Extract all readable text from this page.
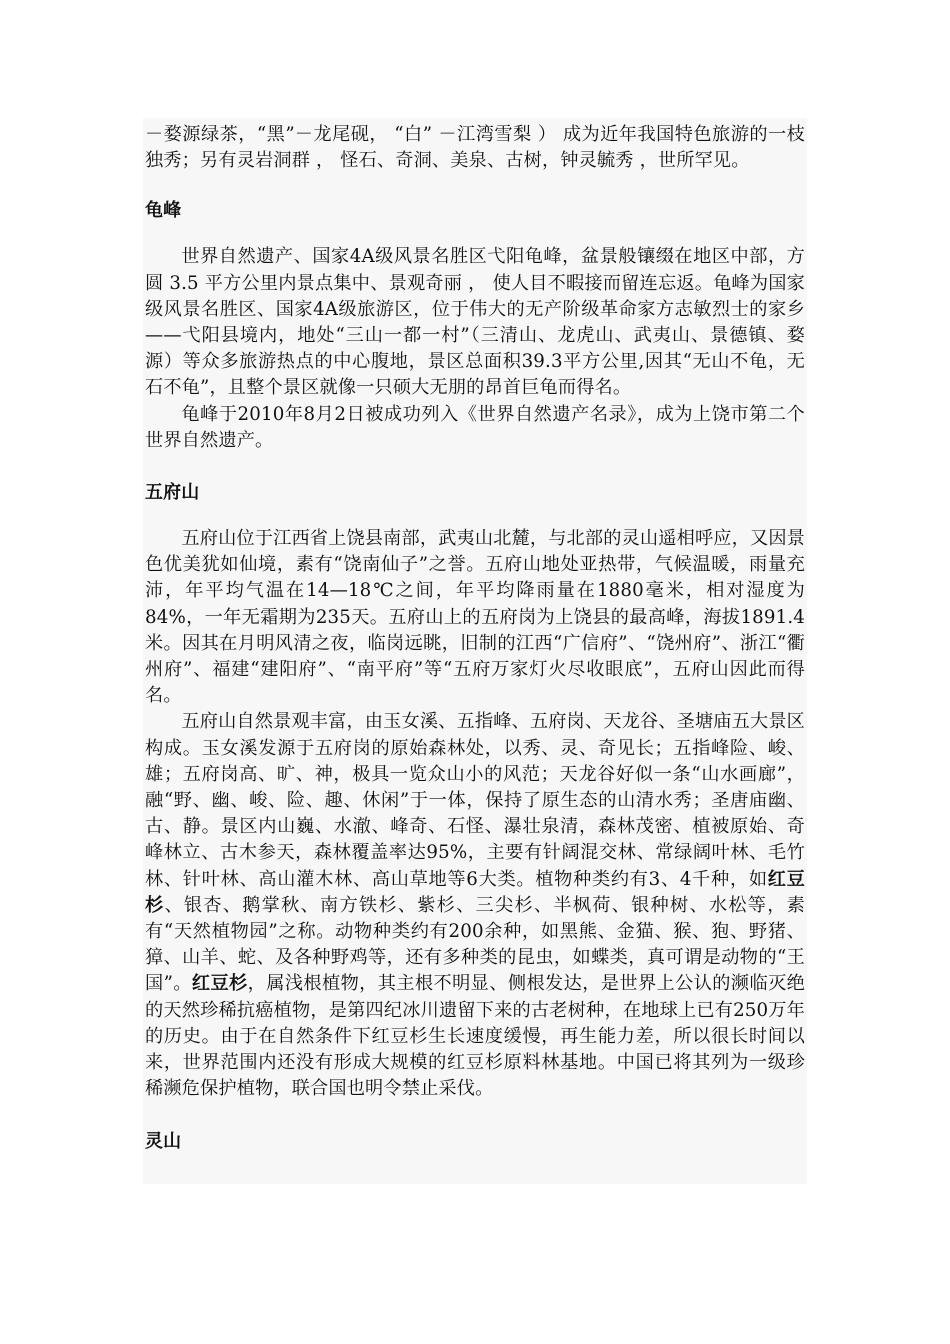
－婺源绿茶，“黑”－龙尾砚， “白” －江湾雪梨 ） 成为近年我国特色旅游的一枝独秀；另有灵岩洞群 ， 怪石、奇洞、美泉、古树，钟灵毓秀 ，世所罕见。

龟峰

世界自然遗产、国家4A级风景名胜区弋阳龟峰，盆景般镶缀在地区中部，方圆 3.5 平方公里内景点集中、景观奇丽 ， 使人目不暇接而留连忘返。龟峰为国家级风景名胜区、国家4A级旅游区，位于伟大的无产阶级革命家方志敏烈士的家乡——弋阳县境内，地处“三山一都一村”（三清山、龙虎山、武夷山、景德镇、婺源）等众多旅游热点的中心腹地，景区总面积39.3平方公里,因其“无山不龟，无石不龟”，且整个景区就像一只硕大无朋的昂首巨龟而得名。

龟峰于2010年8月2日被成功列入《世界自然遗产名录》，成为上饶市第二个世界自然遗产。

五府山

五府山位于江西省上饶县南部，武夷山北麓，与北部的灵山遥相呼应，又因景色优美犹如仙境，素有“饶南仙子”之誉。五府山地处亚热带，气候温暖，雨量充沛，年平均气温在14—18℃之间，年平均降雨量在1880毫米，相对湿度为84%，一年无霜期为235天。五府山上的五府岗为上饶县的最高峰，海拔1891.4米。因其在月明风清之夜，临岗远眺，旧制的江西“广信府”、“饶州府”、浙江“衢州府”、福建“建阳府”、“南平府”等“五府万家灯火尽收眼底”，五府山因此而得名。

五府山自然景观丰富，由玉女溪、五指峰、五府岗、天龙谷、圣塘庙五大景区构成。玉女溪发源于五府岗的原始森林处，以秀、灵、奇见长；五指峰险、峻、雄；五府岗高、旷、神，极具一览众山小的风范；天龙谷好似一条“山水画廊”，融“野、幽、峻、险、趣、休闲”于一体，保持了原生态的山清水秀；圣唐庙幽、古、静。景区内山巍、水澈、峰奇、石怪、瀑壮泉清，森林茂密、植被原始、奇峰林立、古木参天，森林覆盖率达95%，主要有针阔混交林、常绿阔叶林、毛竹林、针叶林、高山灌木林、高山草地等6大类。植物种类约有3、4千种，如红豆杉、银杏、鹅掌秋、南方铁杉、紫杉、三尖杉、半枫荷、银种树、水松等，素有“天然植物园”之称。动物种类约有200余种，如黑熊、金猫、猴、狍、野猪、獐、山羊、蛇、及各种野鸡等，还有多种类的昆虫，如蝶类，真可谓是动物的“王国”。红豆杉，属浅根植物，其主根不明显、侧根发达，是世界上公认的濒临灭绝的天然珍稀抗癌植物，是第四纪冰川遗留下来的古老树种，在地球上已有250万年的历史。由于在自然条件下红豆杉生长速度缓慢，再生能力差，所以很长时间以来，世界范围内还没有形成大规模的红豆杉原料林基地。中国已将其列为一级珍稀濒危保护植物，联合国也明令禁止采伐。

灵山
